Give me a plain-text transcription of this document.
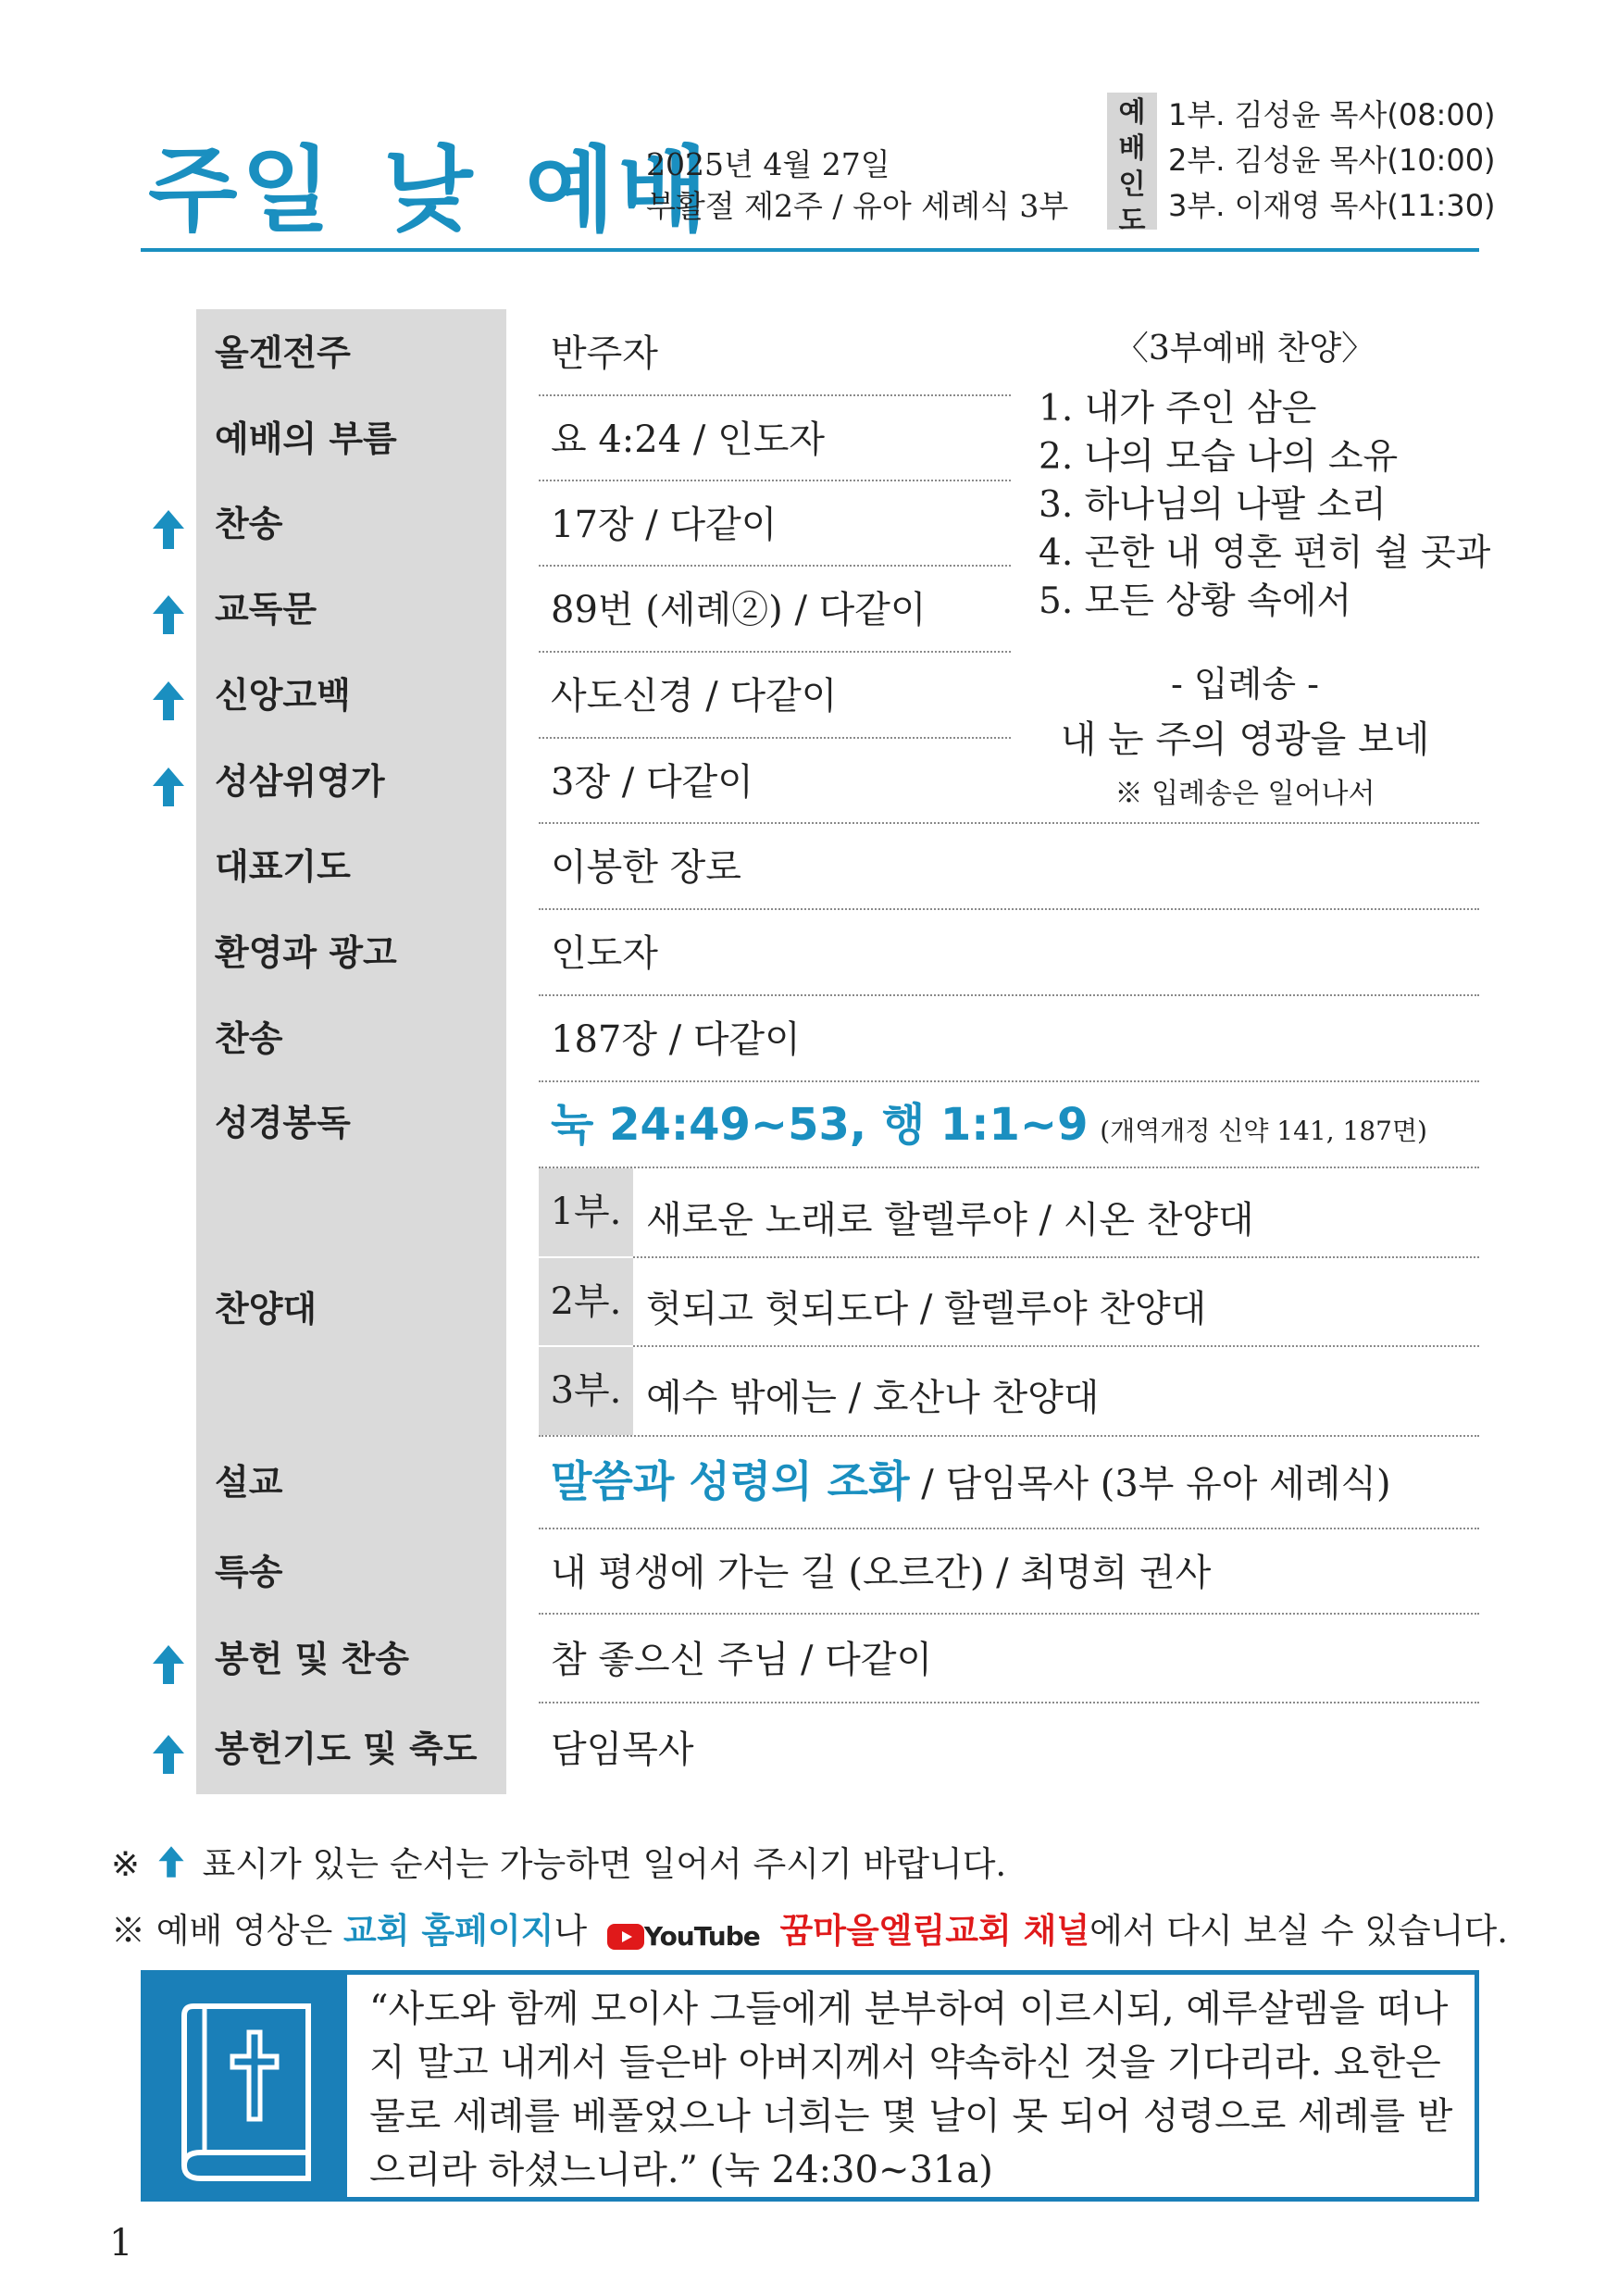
주일 낮 예배
2025년 4월 27일
부활절 제2주 / 유아 세례식 3부
예
배
인
도
1부. 김성윤 목사(08:00)
2부. 김성윤 목사(10:00)
3부. 이재영 목사(11:30)
올겐전주	반주자
예배의 부름	요 4:24 / 인도자
찬송	17장 / 다같이
교독문	89번 (세례②) / 다같이
신앙고백	사도신경 / 다같이
성삼위영가	3장 / 다같이
대표기도	이봉한 장로
환영과 광고	인도자
찬송	187장 / 다같이
성경봉독	눅 24:49~53, 행 1:1~9 (개역개정 신약 141, 187면)
찬양대
1부. 새로운 노래로 할렐루야 / 시온 찬양대
2부. 헛되고 헛되도다 / 할렐루야 찬양대
3부. 예수 밖에는 / 호산나 찬양대
설교	말씀과 성령의 조화 / 담임목사 (3부 유아 세례식)
특송	내 평생에 가는 길 (오르간) / 최명희 권사
봉헌 및 찬송	참 좋으신 주님 / 다같이
봉헌기도 및 축도 담임목사
〈3부예배 찬양〉
1. 내가 주인 삼은
2. 나의 모습 나의 소유
3. 하나님의 나팔 소리
4. 곤한 내 영혼 편히 쉴 곳과
5. 모든 상황 속에서
- 입례송 -
내 눈 주의 영광을 보네
※ 입례송은 일어나서
※ 표시가 있는 순서는 가능하면 일어서 주시기 바랍니다.
※ 예배 영상은 교회 홈페이지나 YouTube 꿈마을엘림교회 채널에서 다시 보실 수 있습니다.
“사도와 함께 모이사 그들에게 분부하여 이르시되, 예루살렘을 떠나지 말고 내게서 들은바 아버지께서 약속하신 것을 기다리라. 요한은 물로 세례를 베풀었으나 너희는 몇 날이 못 되어 성령으로 세례를 받으리라 하셨느니라.” (눅 24:30~31a)
1
